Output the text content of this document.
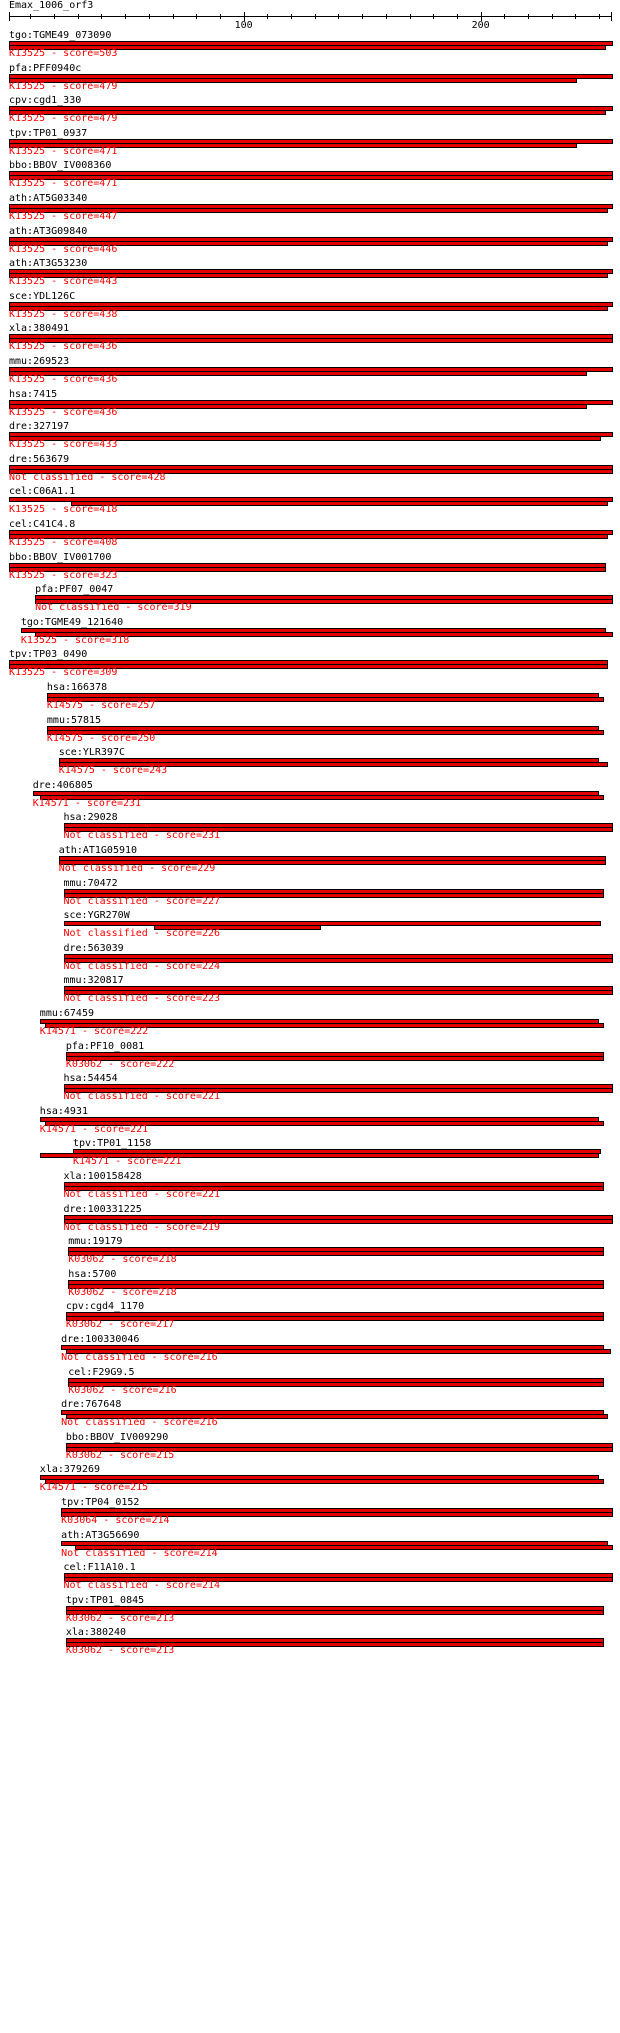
Emax_1006_orf3
100	200
tgo:TGME49_073090
K13525 - score=503
pfa:PFF0940c
K13525 - score=479
cpv:cgd1_330
K13525 - score=479
tpv:TP01_0937
K13525 - score=471
bbo:BBOV_IV008360
K13525 - score=471
ath:AT5G03340
K13525 - score=447
ath:AT3G09840
K13525 - score=446
ath:AT3G53230
K13525 - score=443
sce:YDL126C
K13525 - score=438
xla:380491
K13525 - score=436
mmu:269523
K13525 - score=436
hsa:7415
K13525 - score=436
dre:327197
K13525 - score=433
dre:563679
Not classified - score=428
cel:C06A1.1
K13525 - score=418
cel:C41C4.8
K13525 - score=408
bbo:BBOV_IV001700
K13525 - score=323
pfa:PF07_0047
Not classified - score=319
tgo:TGME49_121640
K13525 - score=318
tpv:TP03_0490
K13525 - score=309
hsa:166378
K14575 - score=257
mmu:57815
K14575 - score=250
sce:YLR397C
K14575 - score=243
dre:406805
K14571 - score=231
hsa:29028
Not classified - score=231
ath:AT1G05910
Not classified - score=229
mmu:70472
Not classified - score=227
sce:YGR270W
Not classified - score=226
dre:563039
Not classified - score=224
mmu:320817
Not classified - score=223
mmu:67459
K14571 - score=222
pfa:PF10_0081
K03062 - score=222
hsa:54454
Not classified - score=221
hsa:4931
K14571 - score=221
tpv:TP01_1158
K14571 - score=221
xla:100158428
Not classified - score=221
dre:100331225
Not classified - score=219
mmu:19179
K03062 - score=218
hsa:5700
K03062 - score=218
cpv:cgd4_1170
K03062 - score=217
dre:100330046
Not classified - score=216
cel:F29G9.5
K03062 - score=216
dre:767648
Not classified - score=216
bbo:BBOV_IV009290
K03062 - score=215
xla:379269
K14571 - score=215
tpv:TP04_0152
K03064 - score=214
ath:AT3G56690
Not classified - score=214
cel:F11A10.1
Not classified - score=214
tpv:TP01_0845
K03062 - score=213
xla:380240
K03062 - score=213
